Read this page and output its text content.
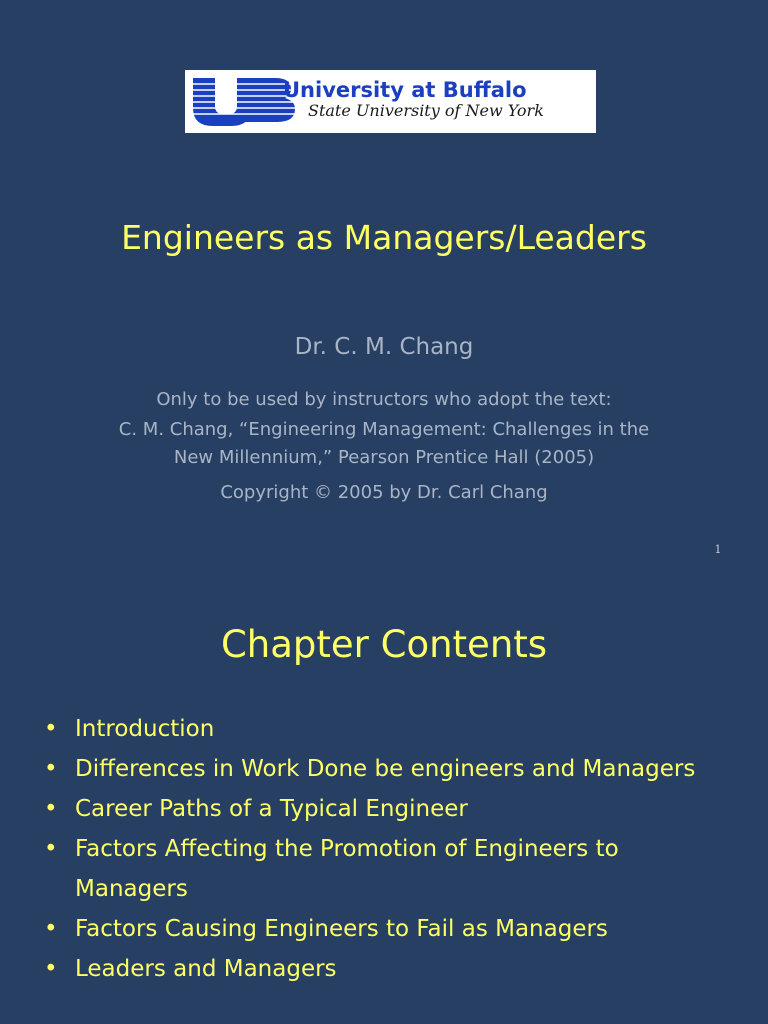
University at Buffalo
State University of New York
Engineers as Managers/Leaders
Dr. C. M. Chang
Only to be used by instructors who adopt the text:
C. M. Chang, “Engineering Management: Challenges in the
New Millennium,” Pearson Prentice Hall (2005)
Copyright © 2005 by Dr. Carl Chang
1
Chapter Contents
• Introduction
• Differences in Work Done be engineers and Managers
• Career Paths of a Typical Engineer
• Factors Affecting the Promotion of Engineers to Managers
• Factors Causing Engineers to Fail as Managers
• Leaders and Managers
